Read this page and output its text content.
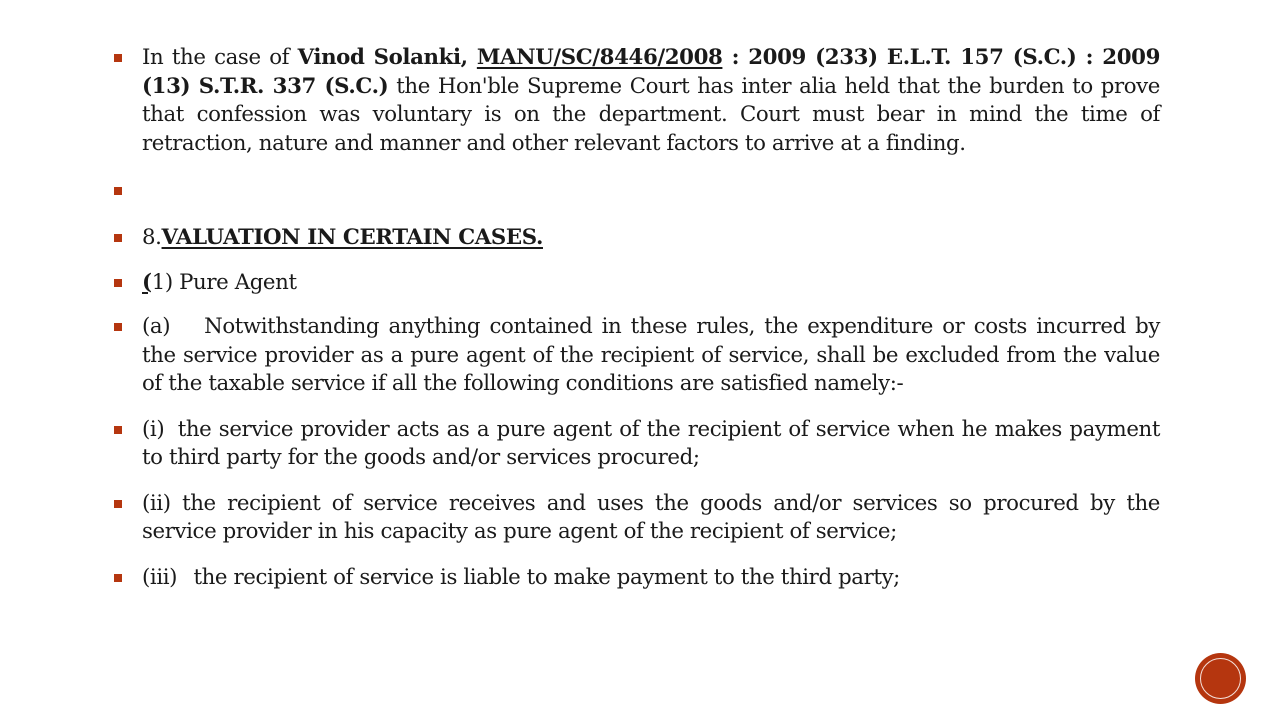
In the case of Vinod Solanki, MANU/SC/8446/2008 : 2009 (233) E.L.T. 157 (S.C.) : 2009 (13) S.T.R. 337 (S.C.) the Hon'ble Supreme Court has inter alia held that the burden to prove that confession was voluntary is on the department. Court must bear in mind the time of retraction, nature and manner and other relevant factors to arrive at a finding.
8.VALUATION IN CERTAIN CASES.
(1) Pure Agent
(a) Notwithstanding anything contained in these rules, the expenditure or costs incurred by the service provider as a pure agent of the recipient of service, shall be excluded from the value of the taxable service if all the following conditions are satisfied namely:-
(i) the service provider acts as a pure agent of the recipient of service when he makes payment to third party for the goods and/or services procured;
(ii) the recipient of service receives and uses the goods and/or services so procured by the service provider in his capacity as pure agent of the recipient of service;
(iii) the recipient of service is liable to make payment to the third party;
